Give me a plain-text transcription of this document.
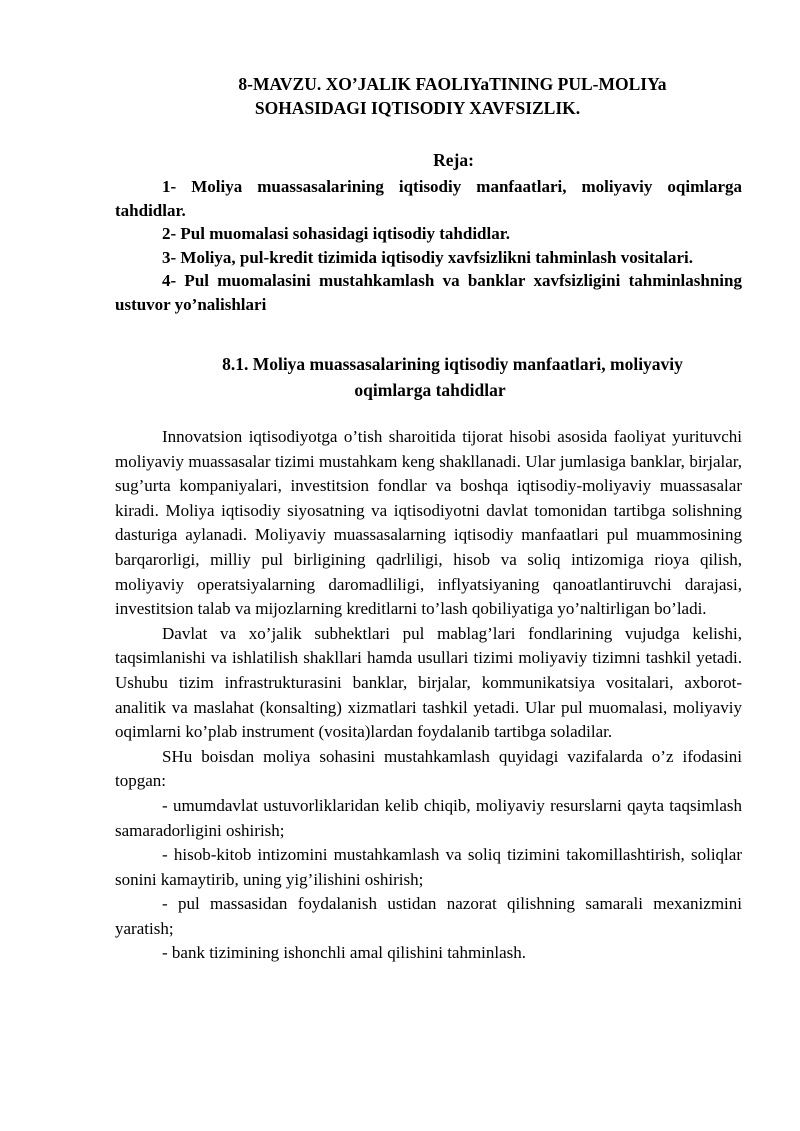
8-MAVZU. XO’JALIK FAOLIYaTINING PUL-MOLIYa
SOHASIDAGI IQTISODIY XAVFSIZLIK.
Reja:
1- Moliya muassasalarining iqtisodiy manfaatlari, moliyaviy oqimlarga tahdidlar.
2- Pul muomalasi sohasidagi iqtisodiy tahdidlar.
3- Moliya, pul-kredit tizimida iqtisodiy xavfsizlikni tahminlash vositalari.
4- Pul muomalasini mustahkamlash va banklar xavfsizligini tahminlashning ustuvor yo’nalishlari
8.1. Moliya muassasalarining iqtisodiy manfaatlari, moliyaviy
oqimlarga tahdidlar

Innovatsion iqtisodiyotga o’tish sharoitida tijorat hisobi asosida faoliyat yurituvchi moliyaviy muassasalar tizimi mustahkam keng shakllanadi. Ular jumlasiga banklar, birjalar, sug’urta kompaniyalari, investitsion fondlar va boshqa iqtisodiy-moliyaviy muassasalar kiradi. Moliya iqtisodiy siyosatning va iqtisodiyotni davlat tomonidan tartibga solishning dasturiga aylanadi. Moliyaviy muassasalarning iqtisodiy manfaatlari pul muammosining barqarorligi, milliy pul birligining qadrliligi, hisob va soliq intizomiga rioya qilish, moliyaviy operatsiyalarning daromadliligi, inflyatsiyaning qanoatlantiruvchi darajasi, investitsion talab va mijozlarning kreditlarni to’lash qobiliyatiga yo’naltirligan bo’ladi.

Davlat va xo’jalik subhektlari pul mablag’lari fondlarining vujudga kelishi, taqsimlanishi va ishlatilish shakllari hamda usullari tizimi moliyaviy tizimni tashkil yetadi. Ushubu tizim infrastrukturasini banklar, birjalar, kommunikatsiya vositalari, axborot-analitik va maslahat (konsalting) xizmatlari tashkil yetadi. Ular pul muomalasi, moliyaviy oqimlarni ko’plab instrument (vosita)lardan foydalanib tartibga soladilar.

SHu boisdan moliya sohasini mustahkamlash quyidagi vazifalarda o’z ifodasini topgan:

- umumdavlat ustuvorliklaridan kelib chiqib, moliyaviy resurslarni qayta taqsimlash samaradorligini oshirish;

- hisob-kitob intizomini mustahkamlash va soliq tizimini takomillashtirish, soliqlar sonini kamaytirib, uning yig’ilishini oshirish;

- pul massasidan foydalanish ustidan nazorat qilishning samarali mexanizmini yaratish;

- bank tizimining ishonchli amal qilishini tahminlash.
